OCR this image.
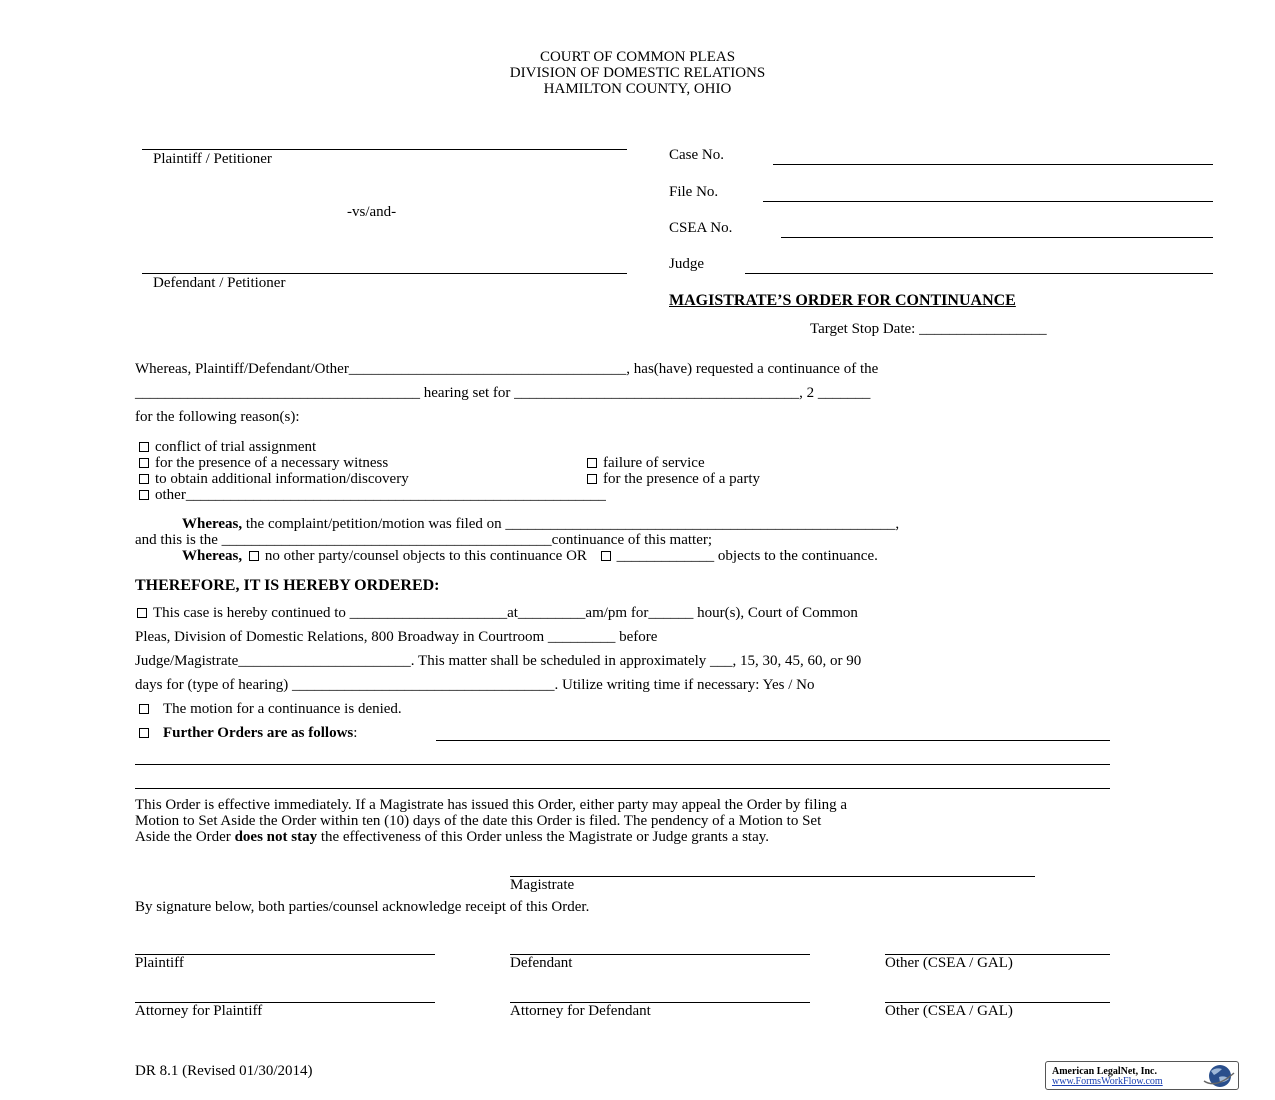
COURT OF COMMON PLEAS
DIVISION OF DOMESTIC RELATIONS
HAMILTON COUNTY, OHIO
Plaintiff / Petitioner
-vs/and-
Defendant / Petitioner
Case No.
File No.
CSEA No.
Judge
MAGISTRATE’S ORDER FOR CONTINUANCE
Target Stop Date: _________________
Whereas, Plaintiff/Defendant/Other_____________________________________, has(have) requested a continuance of the
______________________________________ hearing set for ______________________________________, 2 _______
for the following reason(s):
conflict of trial assignment
for the presence of a necessary witness
to obtain additional information/discovery
other________________________________________________________
failure of service
for the presence of a party
Whereas, the complaint/petition/motion was filed on ____________________________________________________,
and this is the ____________________________________________continuance of this matter;
Whereas, no other party/counsel objects to this continuance OR _____________ objects to the continuance.
THEREFORE, IT IS HEREBY ORDERED:
This case is hereby continued to _____________________at_________am/pm for______ hour(s), Court of Common
Pleas, Division of Domestic Relations, 800 Broadway in Courtroom _________ before
Judge/Magistrate_______________________. This matter shall be scheduled in approximately ___, 15, 30, 45, 60, or 90
days for (type of hearing) ___________________________________. Utilize writing time if necessary: Yes / No
The motion for a continuance is denied.
Further Orders are as follows:
This Order is effective immediately. If a Magistrate has issued this Order, either party may appeal the Order by filing a
Motion to Set Aside the Order within ten (10) days of the date this Order is filed. The pendency of a Motion to Set
Aside the Order does not stay the effectiveness of this Order unless the Magistrate or Judge grants a stay.
Magistrate
By signature below, both parties/counsel acknowledge receipt of this Order.
Plaintiff	Defendant	Other (CSEA / GAL)
Attorney for Plaintiff	Attorney for Defendant	Other (CSEA / GAL)
DR 8.1 (Revised 01/30/2014)	American LegalNet, Inc.
www.FormsWorkFlow.com
